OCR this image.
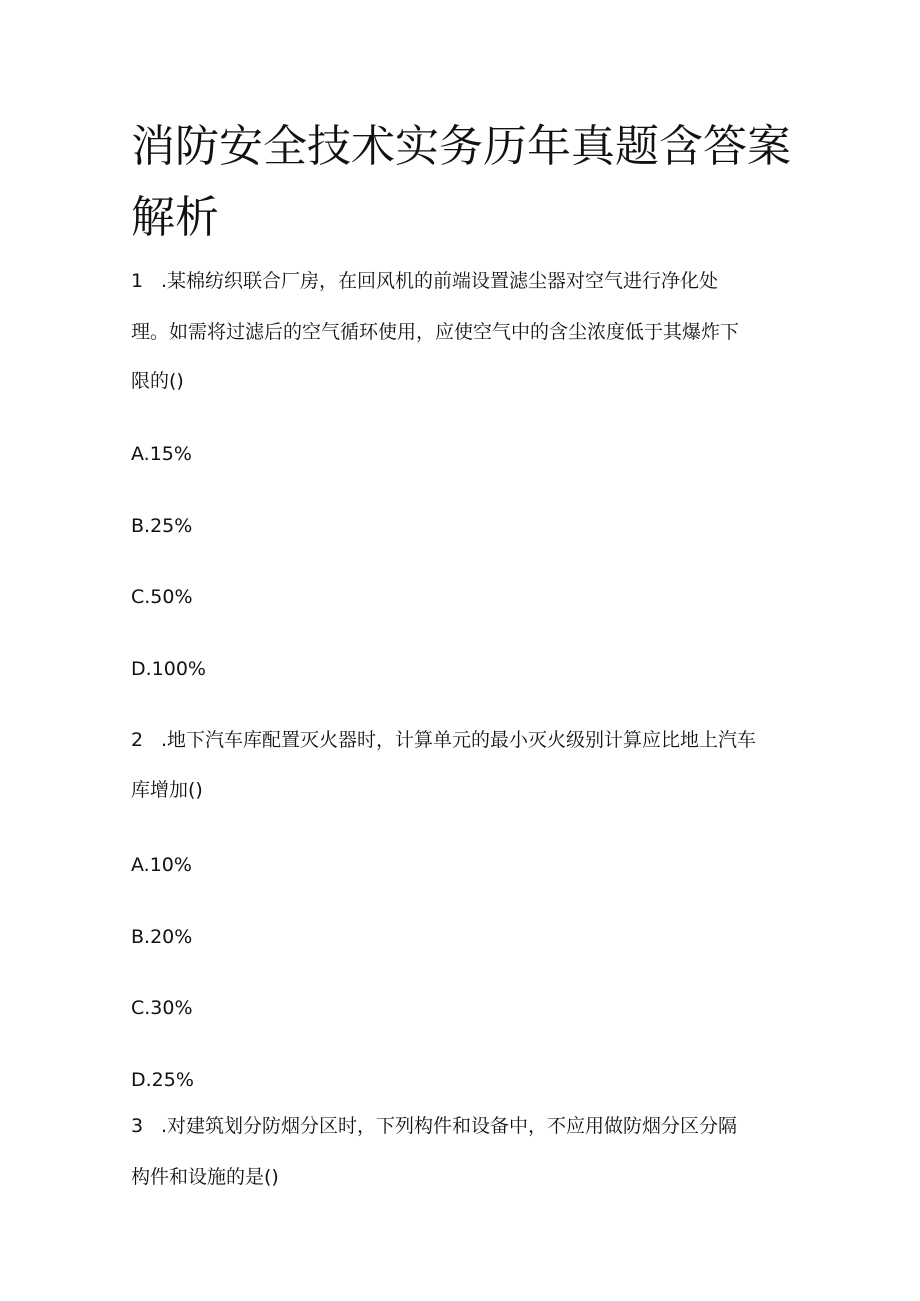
消防安全技术实务历年真题含答案
解析

1 .某棉纺织联合厂房，在回风机的前端设置滤尘器对空气进行净化处

理。如需将过滤后的空气循环使用，应使空气中的含尘浓度低于其爆炸下

限的()

A.15%

B.25%

C.50%

D.100%

2 .地下汽车库配置灭火器时，计算单元的最小灭火级别计算应比地上汽车

库增加()

A.10%

B.20%

C.30%

D.25%

3 .对建筑划分防烟分区时，下列构件和设备中，不应用做防烟分区分隔

构件和设施的是()
